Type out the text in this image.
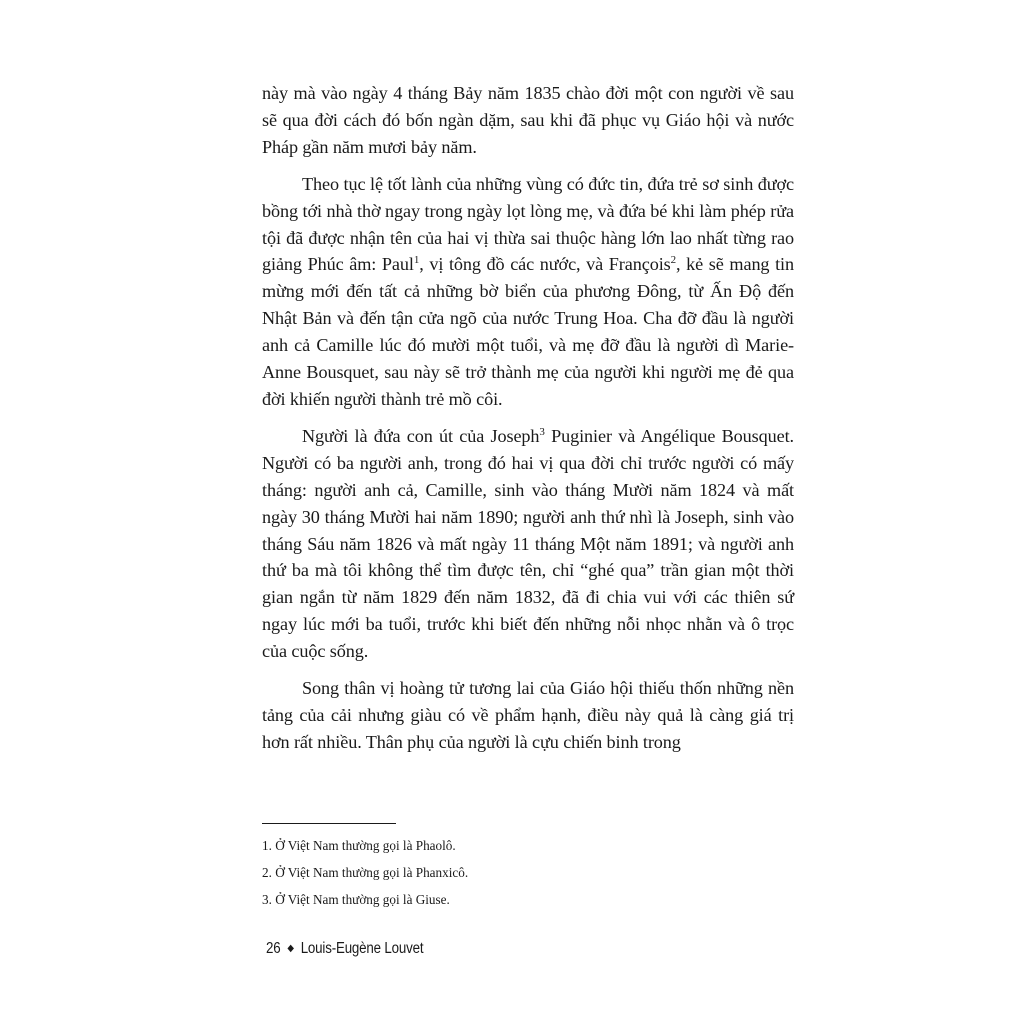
này mà vào ngày 4 tháng Bảy năm 1835 chào đời một con người về sau sẽ qua đời cách đó bốn ngàn dặm, sau khi đã phục vụ Giáo hội và nước Pháp gần năm mươi bảy năm.

Theo tục lệ tốt lành của những vùng có đức tin, đứa trẻ sơ sinh được bồng tới nhà thờ ngay trong ngày lọt lòng mẹ, và đứa bé khi làm phép rửa tội đã được nhận tên của hai vị thừa sai thuộc hàng lớn lao nhất từng rao giảng Phúc âm: Paul$^1$, vị tông đồ các nước, và François$^2$, kẻ sẽ mang tin mừng mới đến tất cả những bờ biển của phương Đông, từ Ấn Độ đến Nhật Bản và đến tận cửa ngõ của nước Trung Hoa. Cha đỡ đầu là người anh cả Camille lúc đó mười một tuổi, và mẹ đỡ đầu là người dì Marie-Anne Bousquet, sau này sẽ trở thành mẹ của người khi người mẹ đẻ qua đời khiến người thành trẻ mồ côi.

Người là đứa con út của Joseph$^3$ Puginier và Angélique Bousquet. Người có ba người anh, trong đó hai vị qua đời chỉ trước người có mấy tháng: người anh cả, Camille, sinh vào tháng Mười năm 1824 và mất ngày 30 tháng Mười hai năm 1890; người anh thứ nhì là Joseph, sinh vào tháng Sáu năm 1826 và mất ngày 11 tháng Một năm 1891; và người anh thứ ba mà tôi không thể tìm được tên, chỉ “ghé qua” trần gian một thời gian ngắn từ năm 1829 đến năm 1832, đã đi chia vui với các thiên sứ ngay lúc mới ba tuổi, trước khi biết đến những nỗi nhọc nhằn và ô trọc của cuộc sống.

Song thân vị hoàng tử tương lai của Giáo hội thiếu thốn những nền tảng của cải nhưng giàu có về phẩm hạnh, điều này quả là càng giá trị hơn rất nhiều. Thân phụ của người là cựu chiến binh trong

1. Ở Việt Nam thường gọi là Phaolô.
2. Ở Việt Nam thường gọi là Phanxicô.
3. Ở Việt Nam thường gọi là Giuse.
26 ◆ Louis-Eugène Louvet
